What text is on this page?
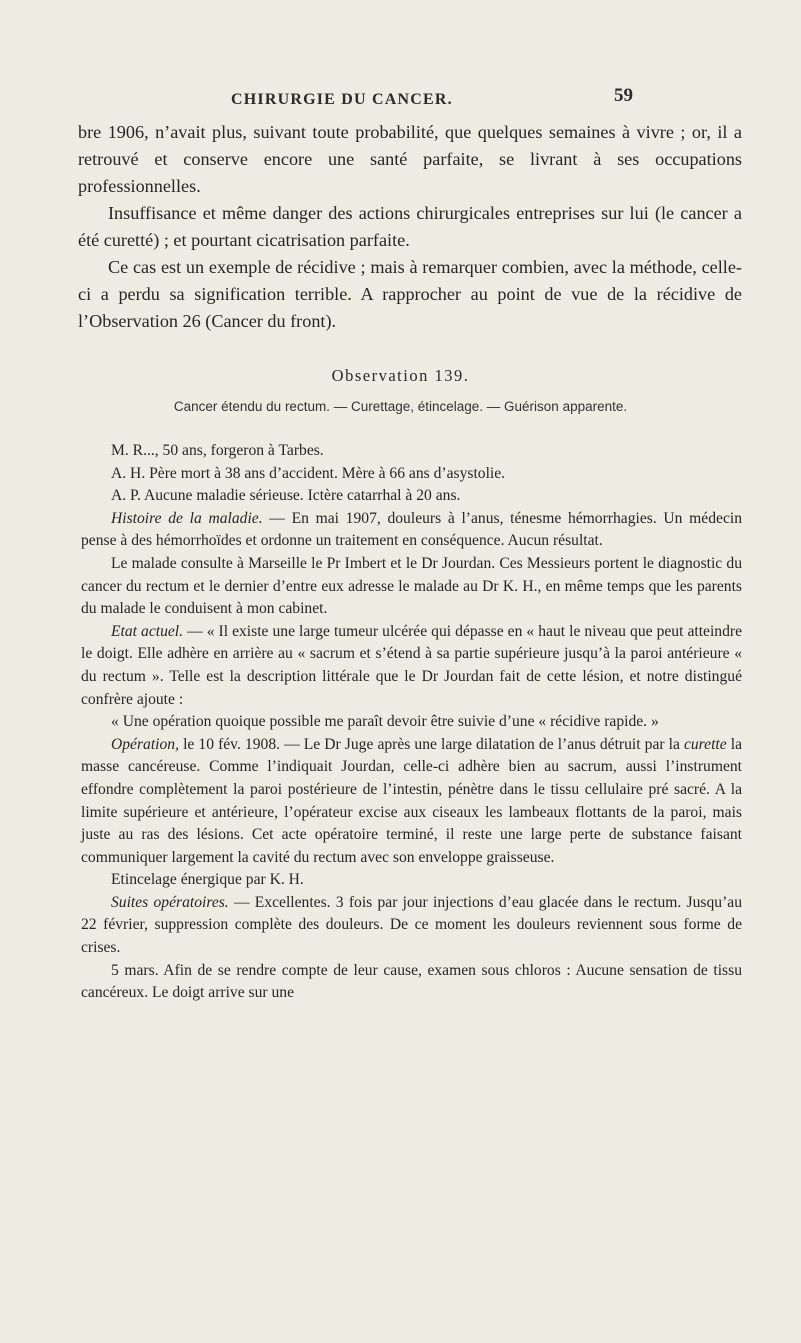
CHIRURGIE DU CANCER.	59

bre 1906, n’avait plus, suivant toute probabilité, que quelques semaines à vivre ; or, il a retrouvé et conserve encore une santé parfaite, se livrant à ses occupations professionnelles.

Insuffisance et même danger des actions chirurgicales entreprises sur lui (le cancer a été curetté) ; et pourtant cicatrisation parfaite.

Ce cas est un exemple de récidive ; mais à remarquer combien, avec la méthode, celle-ci a perdu sa signification terrible. A rapprocher au point de vue de la récidive de l’Observation 26 (Cancer du front).

Observation 139.
Cancer étendu du rectum. — Curettage, étincelage. — Guérison apparente.

M. R..., 50 ans, forgeron à Tarbes.

A. H. Père mort à 38 ans d’accident. Mère à 66 ans d’asystolie.

A. P. Aucune maladie sérieuse. Ictère catarrhal à 20 ans.

Histoire de la maladie. — En mai 1907, douleurs à l’anus, ténesme hémorrhagies. Un médecin pense à des hémorrhoïdes et ordonne un traitement en conséquence. Aucun résultat.

Le malade consulte à Marseille le Pr Imbert et le Dr Jourdan. Ces Messieurs portent le diagnostic du cancer du rectum et le dernier d’entre eux adresse le malade au Dr K. H., en même temps que les parents du malade le conduisent à mon cabinet.

Etat actuel. — « Il existe une large tumeur ulcérée qui dépasse en « haut le niveau que peut atteindre le doigt. Elle adhère en arrière au « sacrum et s’étend à sa partie supérieure jusqu’à la paroi antérieure « du rectum ». Telle est la description littérale que le Dr Jourdan fait de cette lésion, et notre distingué confrère ajoute :

« Une opération quoique possible me paraît devoir être suivie d’une « récidive rapide. »

Opération, le 10 fév. 1908. — Le Dr Juge après une large dilatation de l’anus détruit par la curette la masse cancéreuse. Comme l’indiquait Jourdan, celle-ci adhère bien au sacrum, aussi l’instrument effondre complètement la paroi postérieure de l’intestin, pénètre dans le tissu cellulaire pré sacré. A la limite supérieure et antérieure, l’opérateur excise aux ciseaux les lambeaux flottants de la paroi, mais juste au ras des lésions. Cet acte opératoire terminé, il reste une large perte de substance faisant communiquer largement la cavité du rectum avec son enveloppe graisseuse.

Etincelage énergique par K. H.

Suites opératoires. — Excellentes. 3 fois par jour injections d’eau glacée dans le rectum. Jusqu’au 22 février, suppression complète des douleurs. De ce moment les douleurs reviennent sous forme de crises.

5 mars. Afin de se rendre compte de leur cause, examen sous chloros : Aucune sensation de tissu cancéreux. Le doigt arrive sur une
